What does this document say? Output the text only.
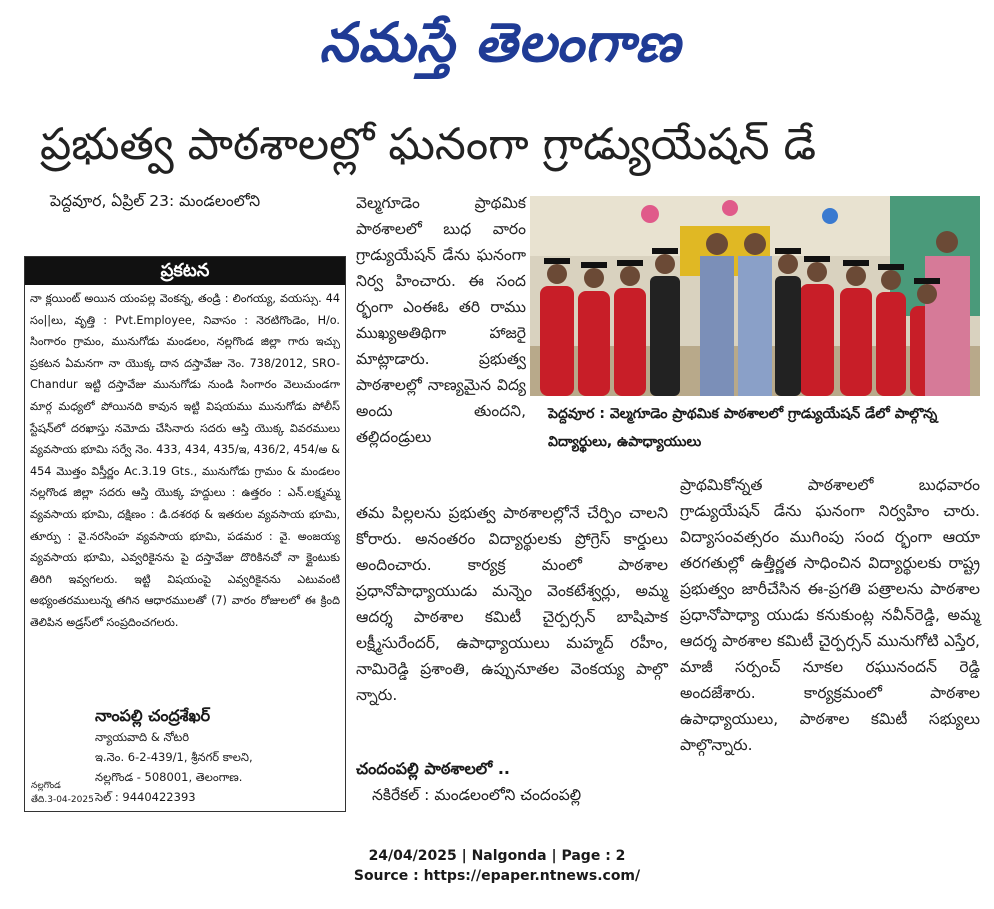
నమస్తే తెలంగాణ
ప్రభుత్వ పాఠశాలల్లో ఘనంగా గ్రాడ్యుయేషన్ డే
పెద్దవూర, ఏప్రిల్ 23: మండలంలోని
ప్రకటన
నా క్లయింట్ అయిన యంపల్ల వెంకన్న, తండ్రి : లింగయ్య, వయస్సు. 44 సం||లు, వృత్తి : Pvt.Employee, నివాసం : నెరటిగొండెం, H/o. సింగారం గ్రామం, మునుగోడు మండలం, నల్లగొండ జిల్లా గారు ఇచ్చు ప్రకటన ఏమనగా నా యొక్క దాన దస్తావేజు నెం. 738/2012, SRO-Chandur ఇట్టి దస్తావేజు మునుగోడు నుండి సింగారం వెలుచుండగా మార్గ మధ్యలో పోయినది కావున ఇట్టి విషయము మునుగోడు పోలీస్ స్టేషన్‌లో దరఖాస్తు నమోదు చేసినారు సదరు ఆస్తి యొక్క వివరములు వ్యవసాయ భూమి సర్వే నెం. 433, 434, 435/ఇ, 436/2, 454/అ & 454 మొత్తం విస్తీర్ణం Ac.3.19 Gts., మునుగోడు గ్రామం & మండలం నల్లగొండ జిల్లా సదరు ఆస్తి యొక్క హద్దులు : ఉత్తరం : ఎన్.లక్ష్మమ్మ వ్యవసాయ భూమి, దక్షిణం : డి.దశరథ & ఇతరుల వ్యవసాయ భూమి, తూర్పు : వై.నరసింహ వ్యవసాయ భూమి, పడమర : వై. అంజయ్య వ్యవసాయ భూమి, ఎవ్వరికైనను పై దస్తావేజు దొరికినచో నా క్లైంటుకు తిరిగి ఇవ్వగలరు. ఇట్టి విషయంపై ఎవ్వరికైనను ఎటువంటి అభ్యంతరములున్న తగిన ఆధారములతో (7) వారం రోజులలో ఈ క్రింది తెలిపిన అడ్రస్‌లో సంప్రదించగలరు.
నాంపల్లి చంద్రశేఖర్
న్యాయవాది & నోటరి
ఇ.నెం. 6-2-439/1, శ్రీనగర్ కాలని,
నల్లగొండ - 508001, తెలంగాణ.
సెల్ : 9440422393
నల్లగొండ
తేది.3-04-2025

వెల్మగూడెం ప్రాథమిక పాఠశాలలో బుధ వారం గ్రాడ్యుయేషన్ డేను ఘనంగా నిర్వ హించారు. ఈ సంద ర్భంగా ఎంఈఓ తరి రాము ముఖ్యఅతిథిగా హాజరై మాట్లాడారు. ప్రభుత్వ పాఠశాలల్లో నాణ్యమైన విద్య అందు తుందని, తల్లిదండ్రులు

పెద్దవూర : వెల్మగూడెం ప్రాథమిక పాఠశాలలో గ్రాడ్యుయేషన్ డేలో పాల్గొన్న విద్యార్థులు, ఉపాధ్యాయులు

తమ పిల్లలను ప్రభుత్వ పాఠశాలల్లోనే చేర్పిం చాలని కోరారు. అనంతరం విద్యార్థులకు ప్రోగ్రెస్ కార్డులు అందించారు. కార్యక్ర మంలో పాఠశాల ప్రధానోపాధ్యాయుడు మన్నెం వెంకటేశ్వర్లు, అమ్మ ఆదర్శ పాఠశాల కమిటీ చైర్పర్సన్ బాషిపాక లక్ష్మీసురేందర్, ఉపాధ్యాయులు మహ్మద్ రహీం, నామిరెడ్డి ప్రశాంతి, ఉప్పునూతల వెంకయ్య పాల్గొ న్నారు.

చందంపల్లి పాఠశాలలో ..
నకిరేకల్ : మండలంలోని చందంపల్లి

ప్రాథమికోన్నత పాఠశాలలో బుధవారం గ్రాడ్యుయేషన్ డేను ఘనంగా నిర్వహిం చారు. విద్యాసంవత్సరం ముగింపు సంద ర్భంగా ఆయా తరగతుల్లో ఉత్తీర్ణత సాధించిన విద్యార్థులకు రాష్ట్ర ప్రభుత్వం జారీచేసిన ఈ-ప్రగతి పత్రాలను పాఠశాల ప్రధానోపాధ్యా యుడు కనుకుంట్ల నవీన్‌రెడ్డి, అమ్మ ఆదర్శ పాఠశాల కమిటీ చైర్పర్సన్ మునుగోటి ఎస్తేర, మాజీ సర్పంచ్ నూకల రఘునందన్ రెడ్డి అందజేశారు. కార్యక్రమంలో పాఠశాల ఉపాధ్యాయులు, పాఠశాల కమిటీ సభ్యులు పాల్గొన్నారు.

24/04/2025 | Nalgonda | Page : 2
Source : https://epaper.ntnews.com/
